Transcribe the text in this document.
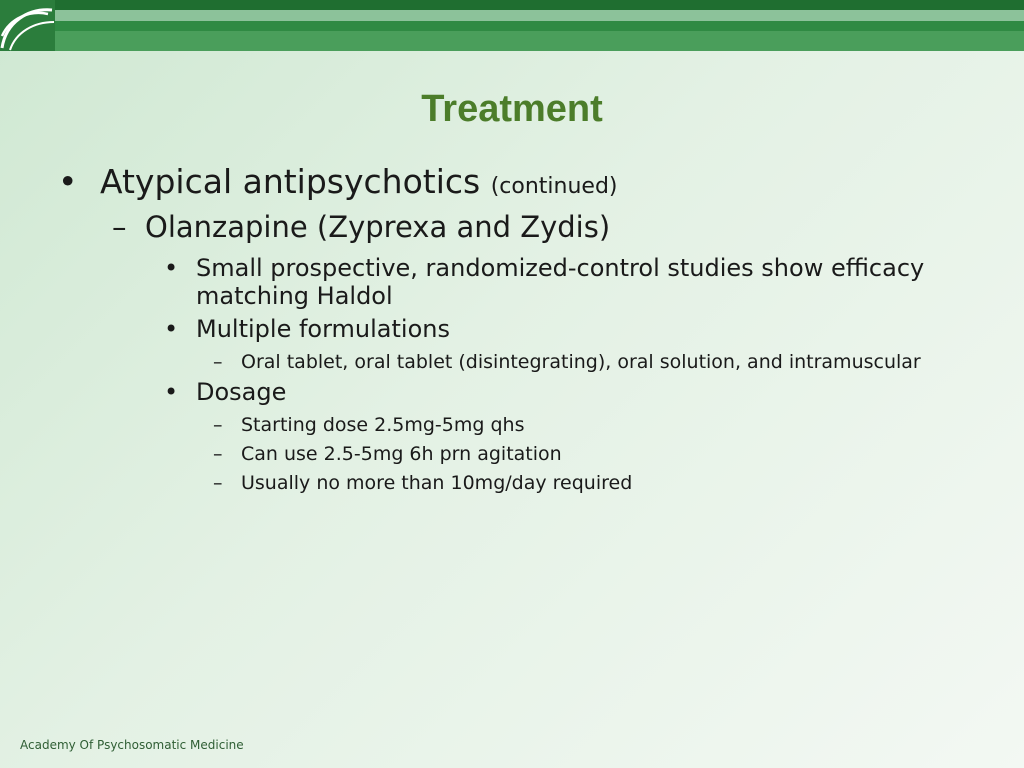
Treatment
• Atypical antipsychotics (continued)
– Olanzapine (Zyprexa and Zydis)
• Small prospective, randomized-control studies show efficacy
matching Haldol
• Multiple formulations
– Oral tablet, oral tablet (disintegrating), oral solution, and intramuscular
• Dosage
– Starting dose 2.5mg-5mg qhs
– Can use 2.5-5mg 6h prn agitation
– Usually no more than 10mg/day required
Academy Of Psychosomatic Medicine
